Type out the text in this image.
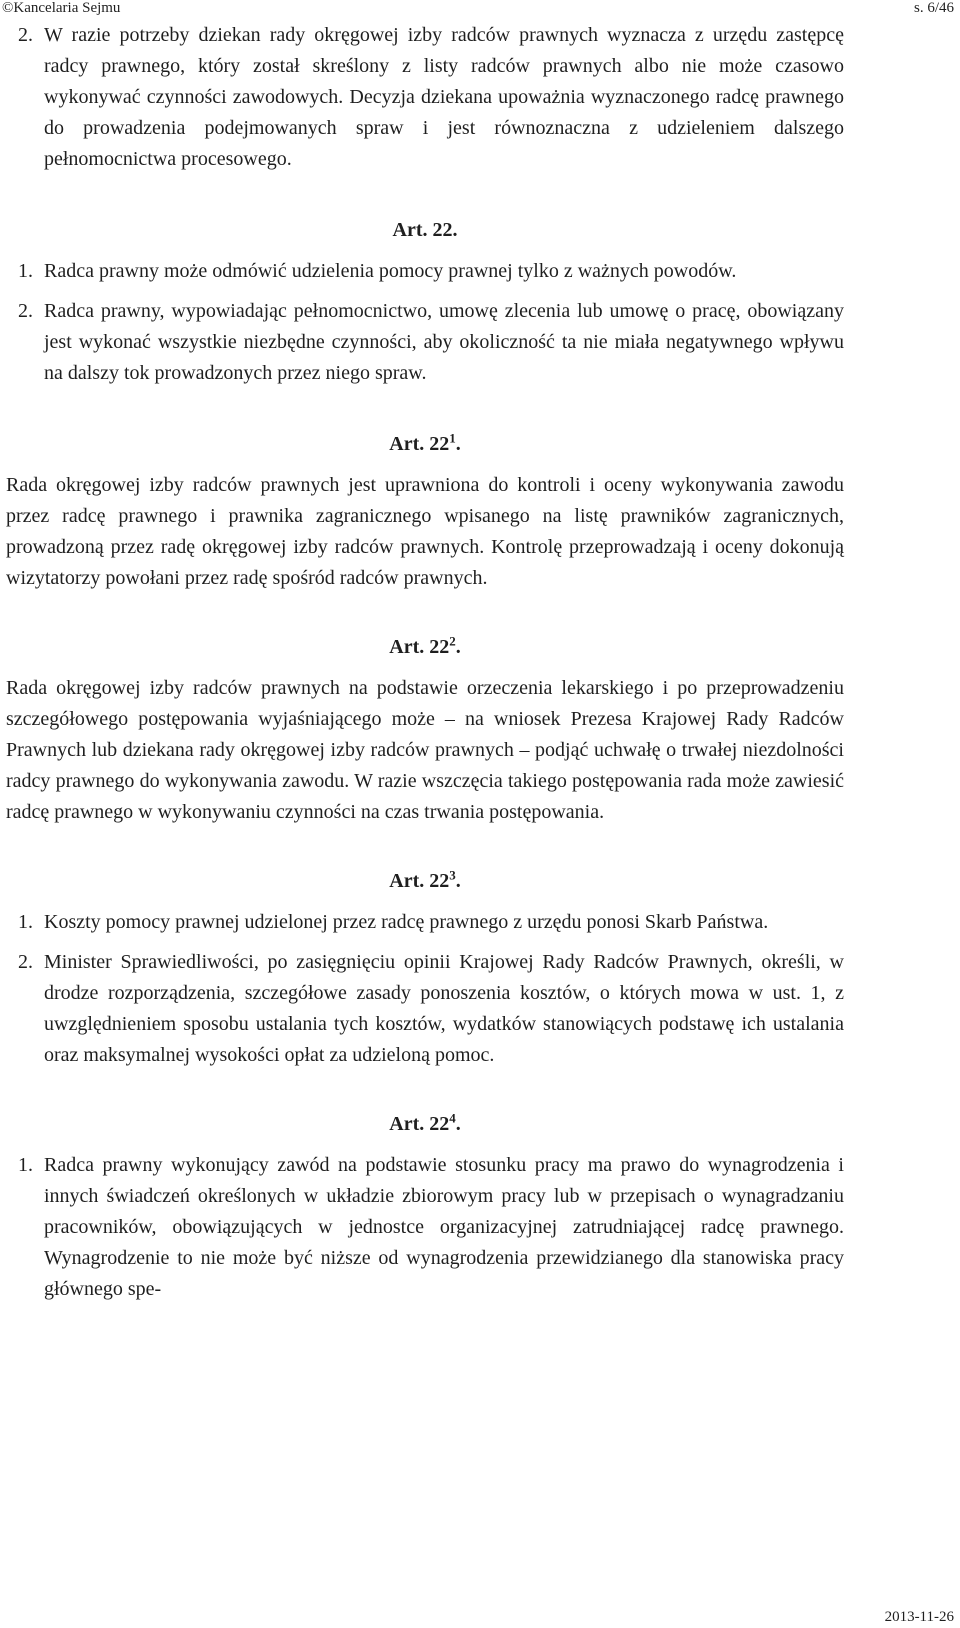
©Kancelaria Sejmu	s. 6/46
2. W razie potrzeby dziekan rady okręgowej izby radców prawnych wyznacza z urzędu zastępcę radcy prawnego, który został skreślony z listy radców prawnych albo nie może czasowo wykonywać czynności zawodowych. Decyzja dziekana upoważnia wyznaczonego radcę prawnego do prowadzenia podejmowanych spraw i jest równoznaczna z udzieleniem dalszego pełnomocnictwa procesowego.

Art. 22.

1. Radca prawny może odmówić udzielenia pomocy prawnej tylko z ważnych powodów.
2. Radca prawny, wypowiadając pełnomocnictwo, umowę zlecenia lub umowę o pracę, obowiązany jest wykonać wszystkie niezbędne czynności, aby okoliczność ta nie miała negatywnego wpływu na dalszy tok prowadzonych przez niego spraw.

Art. $22^1$.

Rada okręgowej izby radców prawnych jest uprawniona do kontroli i oceny wykonywania zawodu przez radcę prawnego i prawnika zagranicznego wpisanego na listę prawników zagranicznych, prowadzoną przez radę okręgowej izby radców prawnych. Kontrolę przeprowadzają i oceny dokonują wizytatorzy powołani przez radę spośród radców prawnych.

Art. $22^2$.

Rada okręgowej izby radców prawnych na podstawie orzeczenia lekarskiego i po przeprowadzeniu szczegółowego postępowania wyjaśniającego może – na wniosek Prezesa Krajowej Rady Radców Prawnych lub dziekana rady okręgowej izby radców prawnych – podjąć uchwałę o trwałej niezdolności radcy prawnego do wykonywania zawodu. W razie wszczęcia takiego postępowania rada może zawiesić radcę prawnego w wykonywaniu czynności na czas trwania postępowania.

Art. $22^3$.

1. Koszty pomocy prawnej udzielonej przez radcę prawnego z urzędu ponosi Skarb Państwa.
2. Minister Sprawiedliwości, po zasięgnięciu opinii Krajowej Rady Radców Prawnych, określi, w drodze rozporządzenia, szczegółowe zasady ponoszenia kosztów, o których mowa w ust. 1, z uwzględnieniem sposobu ustalania tych kosztów, wydatków stanowiących podstawę ich ustalania oraz maksymalnej wysokości opłat za udzieloną pomoc.

Art. $22^4$.

1. Radca prawny wykonujący zawód na podstawie stosunku pracy ma prawo do wynagrodzenia i innych świadczeń określonych w układzie zbiorowym pracy lub w przepisach o wynagradzaniu pracowników, obowiązujących w jednostce organizacyjnej zatrudniającej radcę prawnego. Wynagrodzenie to nie może być niższe od wynagrodzenia przewidzianego dla stanowiska pracy głównego spe-
2013-11-26
